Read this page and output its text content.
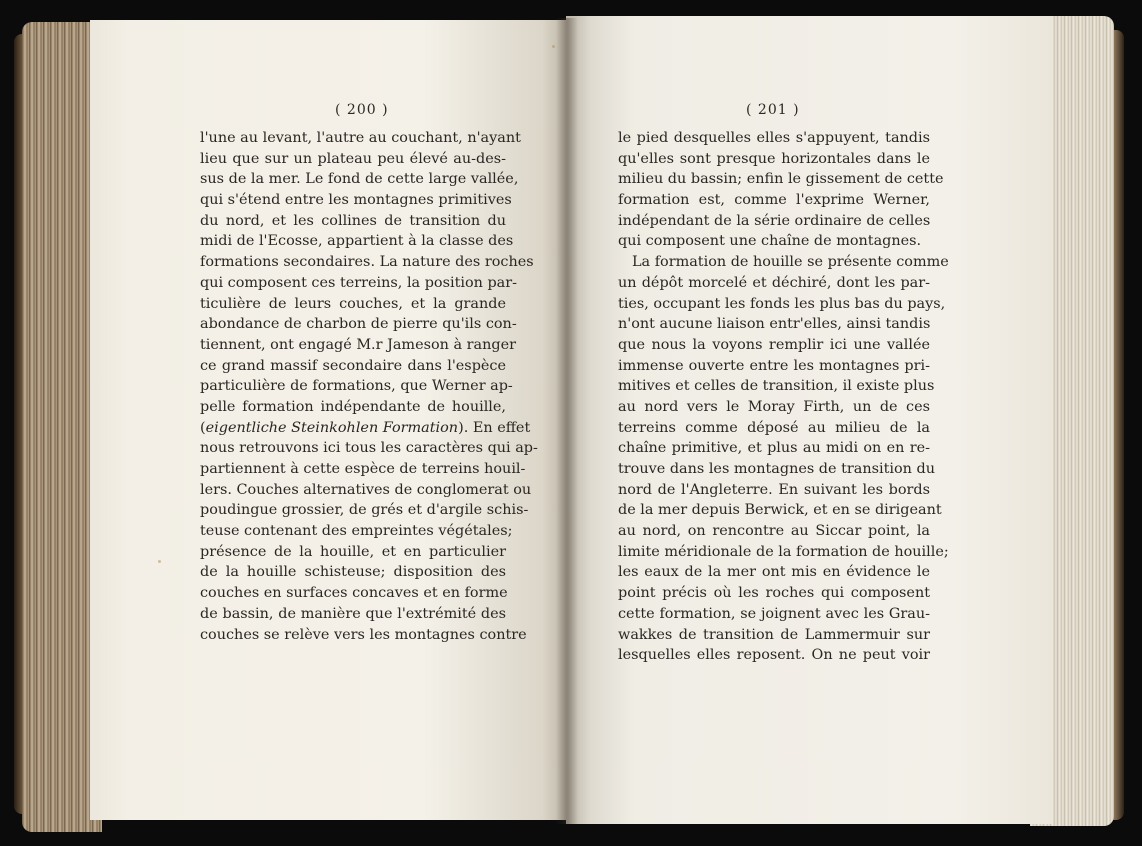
( 200 )
l'une au levant, l'autre au couchant, n'ayant
lieu que sur un plateau peu élevé au-des-
sus de la mer. Le fond de cette large vallée,
qui s'étend entre les montagnes primitives
du nord, et les collines de transition du
midi de l'Ecosse, appartient à la classe des
formations secondaires. La nature des roches
qui composent ces terreins, la position par-
ticulière de leurs couches, et la grande
abondance de charbon de pierre qu'ils con-
tiennent, ont engagé M.r Jameson à ranger
ce grand massif secondaire dans l'espèce
particulière de formations, que Werner ap-
pelle formation indépendante de houille,
(eigentliche Steinkohlen Formation). En effet
nous retrouvons ici tous les caractères qui ap-
partiennent à cette espèce de terreins houil-
lers. Couches alternatives de conglomerat ou
poudingue grossier, de grés et d'argile schis-
teuse contenant des empreintes végétales;
présence de la houille, et en particulier
de la houille schisteuse; disposition des
couches en surfaces concaves et en forme
de bassin, de manière que l'extrémité des
couches se relève vers les montagnes contre
( 201 )
le pied desquelles elles s'appuyent, tandis
qu'elles sont presque horizontales dans le
milieu du bassin; enfin le gissement de cette
formation est, comme l'exprime Werner,
indépendant de la série ordinaire de celles
qui composent une chaîne de montagnes.
La formation de houille se présente comme
un dépôt morcelé et déchiré, dont les par-
ties, occupant les fonds les plus bas du pays,
n'ont aucune liaison entr'elles, ainsi tandis
que nous la voyons remplir ici une vallée
immense ouverte entre les montagnes pri-
mitives et celles de transition, il existe plus
au nord vers le Moray Firth, un de ces
terreins comme déposé au milieu de la
chaîne primitive, et plus au midi on en re-
trouve dans les montagnes de transition du
nord de l'Angleterre. En suivant les bords
de la mer depuis Berwick, et en se dirigeant
au nord, on rencontre au Siccar point, la
limite méridionale de la formation de houille;
les eaux de la mer ont mis en évidence le
point précis où les roches qui composent
cette formation, se joignent avec les Grau-
wakkes de transition de Lammermuir sur
lesquelles elles reposent. On ne peut voir
